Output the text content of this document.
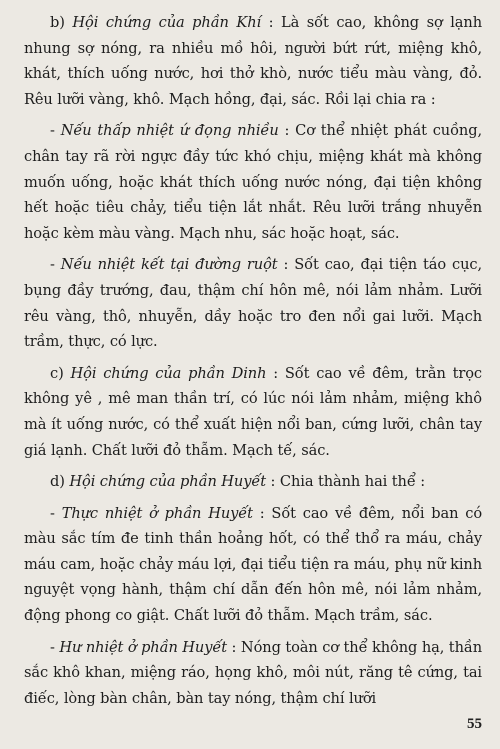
b) Hội chứng của phần Khí : Là sốt cao, không sợ lạnh nhung sợ nóng, ra nhiều mồ hôi, người bứt rứt, miệng khô, khát, thích uống nước, hơi thở khò, nước tiểu màu vàng, đỏ. Rêu lưỡi vàng, khô. Mạch hồng, đại, sác. Rồi lại chia ra :

- Nếu thấp nhiệt ứ đọng nhiều : Cơ thể nhiệt phát cuồng, chân tay rã rời ngực đầy tức khó chịu, miệng khát mà không muốn uống, hoặc khát thích uống nước nóng, đại tiện không hết hoặc tiêu chảy, tiểu tiện lắt nhắt. Rêu lưỡi trắng nhuyễn hoặc kèm màu vàng. Mạch nhu, sác hoặc hoạt, sác.

- Nếu nhiệt kết tại đường ruột : Sốt cao, đại tiện táo cục, bụng đầy trướng, đau, thậm chí hôn mê, nói lảm nhảm. Lưỡi rêu vàng, thô, nhuyễn, dầy hoặc tro đen nổi gai lưỡi. Mạch trầm, thực, có lực.

c) Hội chứng của phần Dinh : Sốt cao về đêm, trằn trọc không yê , mê man thần trí, có lúc nói lảm nhảm, miệng khô mà ít uống nước, có thể xuất hiện nổi ban, cứng lưỡi, chân tay giá lạnh. Chất lưỡi đỏ thẫm. Mạch tế, sác.

d) Hội chứng của phần Huyết : Chia thành hai thể :

- Thực nhiệt ở phần Huyết : Sốt cao về đêm, nổi ban có màu sắc tím đe tinh thần hoảng hốt, có thể thổ ra máu, chảy máu cam, hoặc chảy máu lợi, đại tiểu tiện ra máu, phụ nữ kinh nguyệt vọng hành, thậm chí dẫn đến hôn mê, nói lảm nhảm, động phong co giật. Chất lưỡi đỏ thẫm. Mạch trầm, sác.

- Hư nhiệt ở phần Huyết : Nóng toàn cơ thể không hạ, thần sắc khô khan, miệng ráo, họng khô, môi nút, răng tê cứng, tai điếc, lòng bàn chân, bàn tay nóng, thậm chí lưỡi

55
